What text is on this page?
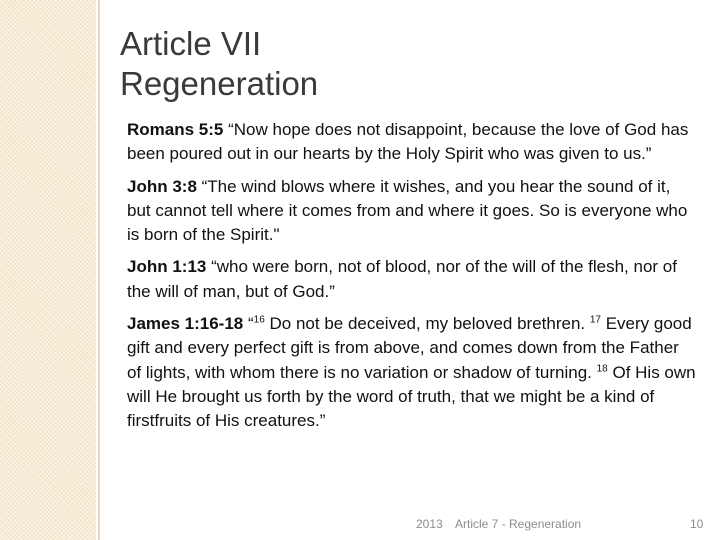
Article VII
Regeneration

Romans 5:5 “Now hope does not disappoint, because the love of God has been poured out in our hearts by the Holy Spirit who was given to us.”

John 3:8 “The wind blows where it wishes, and you hear the sound of it, but cannot tell where it comes from and where it goes. So is everyone who is born of the Spirit."

John 1:13 “who were born, not of blood, nor of the will of the flesh, nor of the will of man, but of God.”

James 1:16-18 “$^{16}$ Do not be deceived, my beloved brethren. $^{17}$ Every good gift and every perfect gift is from above, and comes down from the Father of lights, with whom there is no variation or shadow of turning. $^{18}$ Of His own will He brought us forth by the word of truth, that we might be a kind of firstfruits of His creatures.”

2013 Article 7 - Regeneration	10
